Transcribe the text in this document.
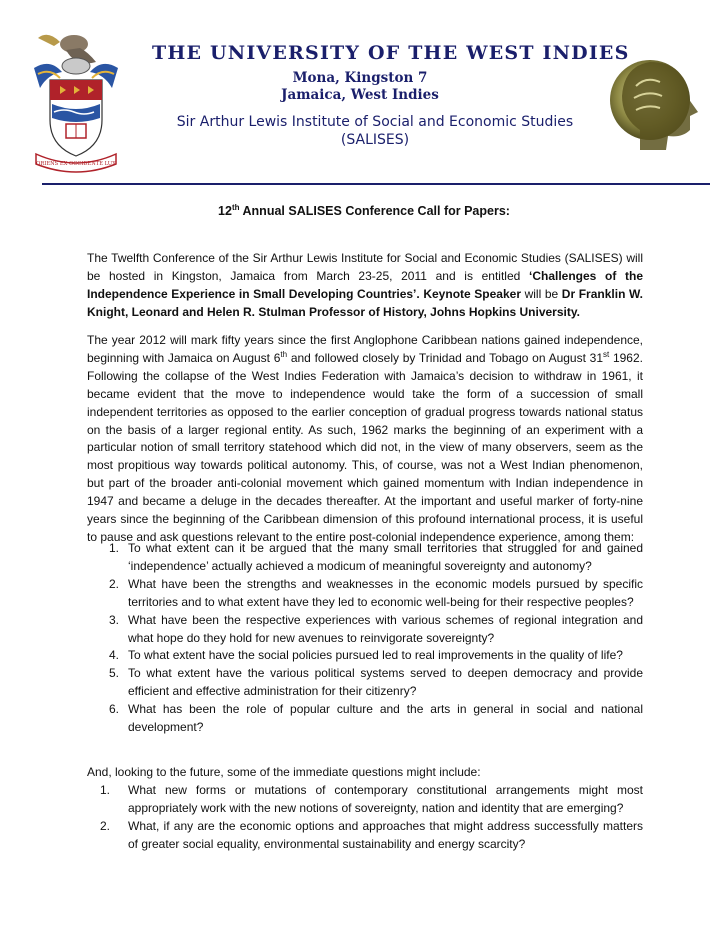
ORIENS EX OCCIDENTE LUX
THE UNIVERSITY OF THE WEST INDIES
Mona, Kingston 7
Jamaica, West Indies
Sir Arthur Lewis Institute of Social and Economic Studies
(SALISES)
12th Annual SALISES Conference Call for Papers:

The Twelfth Conference of the Sir Arthur Lewis Institute for Social and Economic Studies (SALISES) will be hosted in Kingston, Jamaica from March 23-25, 2011 and is entitled ‘Challenges of the Independence Experience in Small Developing Countries’. Keynote Speaker will be Dr Franklin W. Knight, Leonard and Helen R. Stulman Professor of History, Johns Hopkins University.

The year 2012 will mark fifty years since the first Anglophone Caribbean nations gained independence, beginning with Jamaica on August 6th and followed closely by Trinidad and Tobago on August 31st 1962. Following the collapse of the West Indies Federation with Jamaica’s decision to withdraw in 1961, it became evident that the move to independence would take the form of a succession of small independent territories as opposed to the earlier conception of gradual progress towards national status on the basis of a larger regional entity. As such, 1962 marks the beginning of an experiment with a particular notion of small territory statehood which did not, in the view of many observers, seem as the most propitious way towards political autonomy. This, of course, was not a West Indian phenomenon, but part of the broader anti-colonial movement which gained momentum with Indian independence in 1947 and became a deluge in the decades thereafter. At the important and useful marker of forty-nine years since the beginning of the Caribbean dimension of this profound international process, it is useful to pause and ask questions relevant to the entire post-colonial independence experience, among them:

1. To what extent can it be argued that the many small territories that struggled for and gained ‘independence’ actually achieved a modicum of meaningful sovereignty and autonomy?
2. What have been the strengths and weaknesses in the economic models pursued by specific territories and to what extent have they led to economic well-being for their respective peoples?
3. What have been the respective experiences with various schemes of regional integration and what hope do they hold for new avenues to reinvigorate sovereignty?
4. To what extent have the social policies pursued led to real improvements in the quality of life?
5. To what extent have the various political systems served to deepen democracy and provide efficient and effective administration for their citizenry?
6. What has been the role of popular culture and the arts in general in social and national development?
And, looking to the future, some of the immediate questions might include:
1. What new forms or mutations of contemporary constitutional arrangements might most appropriately work with the new notions of sovereignty, nation and identity that are emerging?
2. What, if any are the economic options and approaches that might address successfully matters of greater social equality, environmental sustainability and energy scarcity?
